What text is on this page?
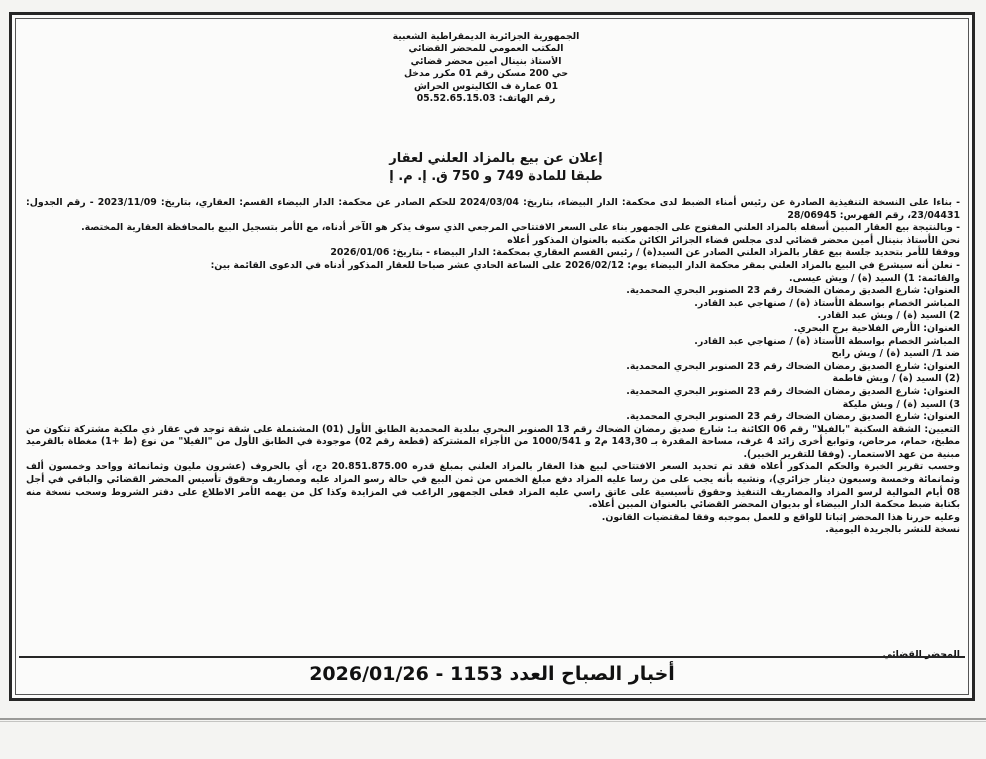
الجمهورية الجزائرية الديمقراطية الشعبية
المكتب العمومي للمحضر القضائي
الأستاذ بنينال أمين محضر قضائي
حي 200 مسكن رقم 01 مكرر مدخل
01 عمارة ف الكاليتوس الحراش
رقم الهاتف: 05.52.65.15.03
إعلان عن بيع بالمزاد العلني لعقار
طبقا للمادة 749 و 750 ق. إ. م. إ

- بناءا على النسخة التنفيذية الصادرة عن رئيس أمناء الضبط لدى محكمة: الدار البيضاء، بتاريخ: 2024/03/04 للحكم الصادر عن محكمة: الدار البيضاء القسم: العقاري، بتاريخ: 2023/11/09 - رقم الجدول: 23/04431، رقم الفهرس: 28/06945

- وبالنتيجة بيع العقار المبين أسفله بالمزاد العلني المفتوح على الجمهور بناء على السعر الافتتاحي المرجعي الذي سوف يذكر هو الآخر أدناه، مع الأمر بتسجيل البيع بالمحافظة العقارية المختصة.

نحن الأستاذ بنينال أمين محضر قضائي لدى مجلس قضاء الجزائر الكائن مكتبه بالعنوان المذكور أعلاه

ووفقا للأمر بتحديد جلسة بيع عقار بالمزاد العلني الصادر عن السيد(ة) / رئيس القسم العقاري بمحكمة: الدار البيضاء - بتاريخ: 2026/01/06

- نعلن أنه سيشرع في البيع بالمزاد العلني بمقر محكمة الدار البيضاء يوم: 2026/02/12 على الساعة الحادي عشر صباحا للعقار المذكور أدناه في الدعوى القائمة بين:

والقائمة: 1) السيد (ة) / ويش عيسى.

العنوان: شارع الصديق رمضان الضحاك رقم 23 الصنوبر البحري المحمدية.

المباشر الخصام بواسطة الأستاذ (ة) / صنهاجي عبد القادر.

2) السيد (ة) / ويش عبد القادر.

العنوان: الأرض الفلاحية برج البحري.

المباشر الخصام بواسطة الأستاذ (ة) / صنهاجي عبد القادر.

ضد 1/ السيد (ة) / ويش رابح

العنوان: شارع الصديق رمضان الضحاك رقم 23 الصنوبر البحري المحمدية.

(2) السيد (ة) / ويش فاطمة

العنوان: شارع الصديق رمضان الضحاك رقم 23 الصنوبر البحري المحمدية.

3) السيد (ة) / ويش مليكة

العنوان: شارع الصديق رمضان الضحاك رقم 23 الصنوبر البحري المحمدية.

التعيين: الشقة السكنية "بالفيلا" رقم 06 الكائنة بـ: شارع صديق رمضان الضحاك رقم 13 الصنوبر البحري ببلدية المحمدية الطابق الأول (01) المشتملة على شقة توجد في عقار ذي ملكية مشتركة تتكون من مطبخ، حمام، مرحاض، وتوابع أخرى زائد 4 غرف، مساحة المقدرة بـ 143,30 م2 و 1000/541 من الأجزاء المشتركة (قطعة رقم 02) موجودة في الطابق الأول من "الفيلا" من نوع (ط +1) مغطاة بالقرميد مبنية من عهد الاستعمار. (وفقا للتقرير الخبير).

وحسب تقرير الخبرة والحكم المذكور أعلاه فقد تم تحديد السعر الافتتاحي لبيع هذا العقار بالمزاد العلني بمبلغ قدره 20.851.875.00 دج، أي بالحروف (عشرون مليون وثمانمائة وواحد وخمسون ألف وثمانمائة وخمسة وسبعون دينار جزائري)، ونشيه بأنه يجب على من رسا عليه المزاد دفع مبلغ الخمس من ثمن البيع في حالة رسو المزاد عليه ومصاريف وحقوق تأسيس المحضر القضائي والباقي في أجل 08 أيام الموالية لرسو المزاد والمصاريف التنفيذ وحقوق تأسيسية على عاتق راسي عليه المزاد فعلى الجمهور الراغب في المزايدة وكذا كل من يهمه الأمر الاطلاع على دفتر الشروط وسحب نسخة منه بكتابة ضبط محكمة الدار البيضاء أو بديوان المحضر القضائي بالعنوان المبين أعلاه.

وعليه حررنا هذا المحضر إثباتا للواقع و للعمل بموجبه وفقا لمقتضيات القانون.

نسخة للنشر بالجريدة اليومية.

المحضر القضائي
أخبار الصباح العدد 1153 - 2026/01/26
